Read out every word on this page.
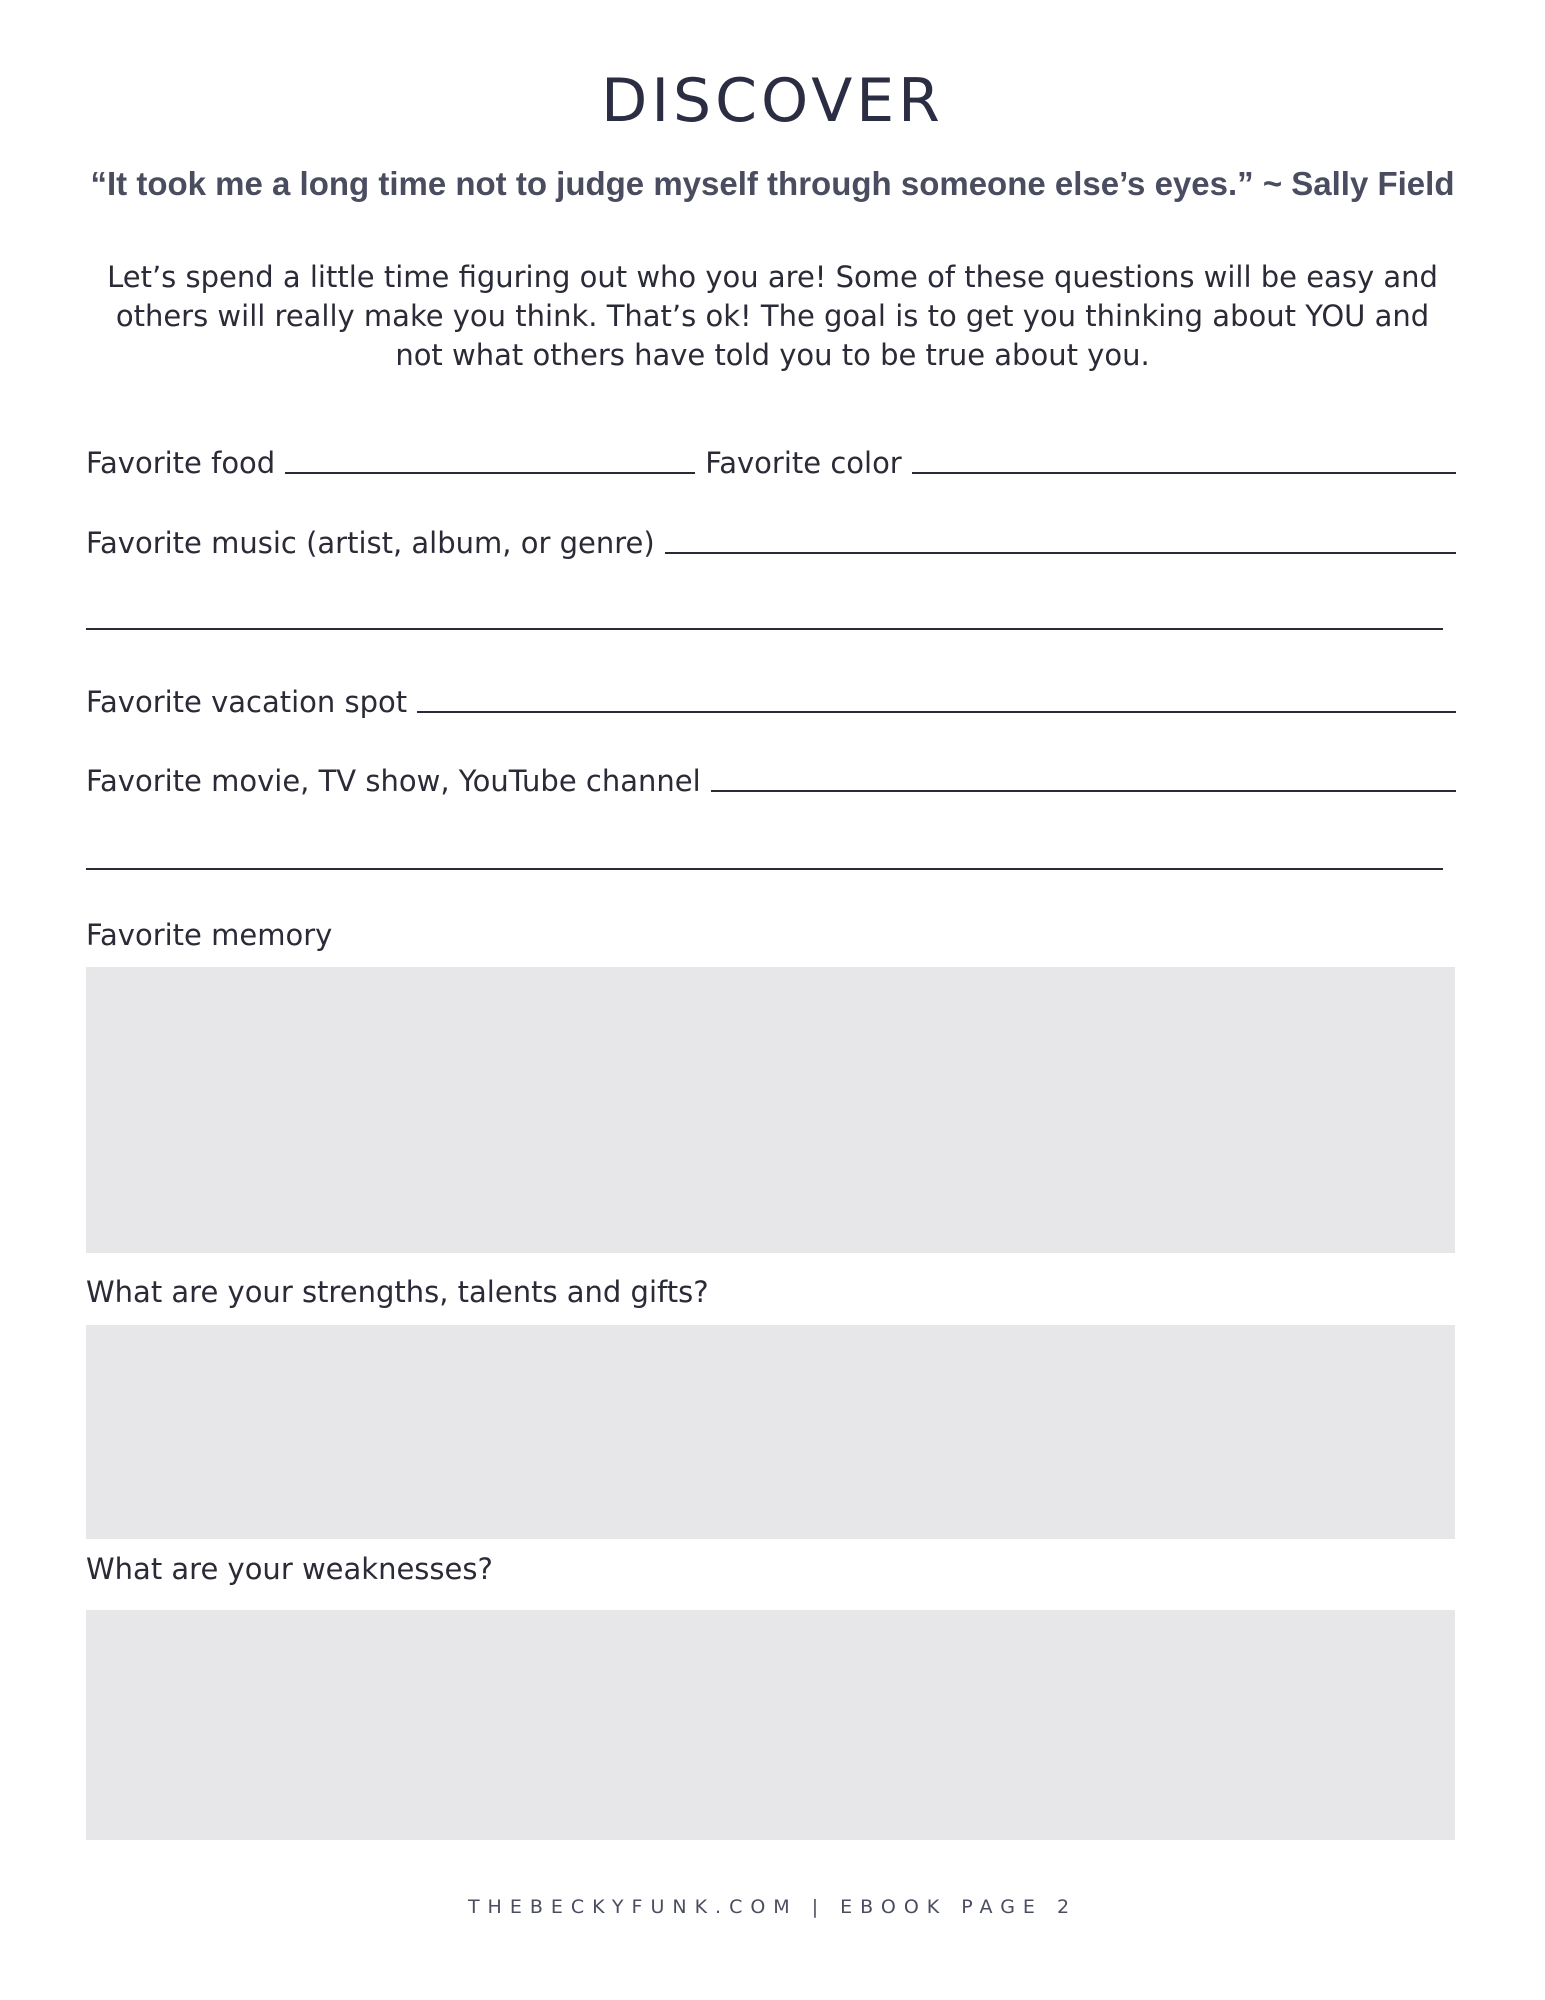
DISCOVER
“It took me a long time not to judge myself through someone else’s eyes.” ~ Sally Field
Let’s spend a little time figuring out who you are! Some of these questions will be easy and others will really make you think. That’s ok! The goal is to get you thinking about YOU and not what others have told you to be true about you.
Favorite food	Favorite color
Favorite music (artist, album, or genre)
Favorite vacation spot
Favorite movie, TV show, YouTube channel
Favorite memory
What are your strengths, talents and gifts?
What are your weaknesses?
THEBECKYFUNK.COM | EBOOK PAGE 2
